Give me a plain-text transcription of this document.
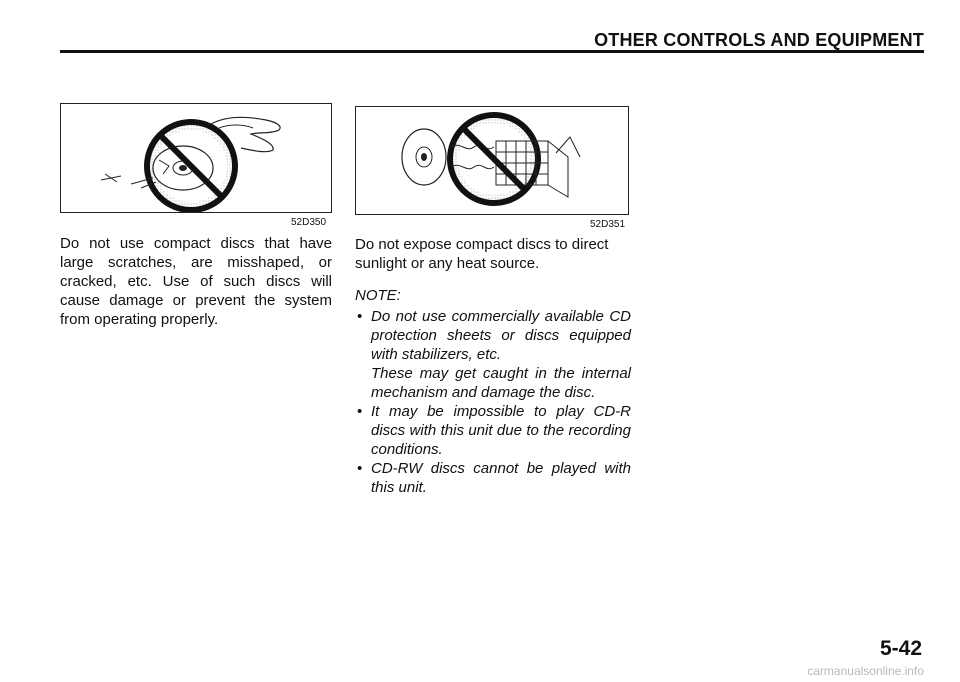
OTHER CONTROLS AND EQUIPMENT
52D350	52D351
Do not use compact discs that have large scratches, are misshaped, or cracked, etc. Use of such discs will cause damage or prevent the system from operating properly.
Do not expose compact discs to direct sunlight or any heat source.
NOTE:
• Do not use commercially available CD protection sheets or discs equipped with stabilizers, etc.

These may get caught in the internal mechanism and damage the disc.

• It may be impossible to play CD-R discs with this unit due to the recording conditions.

• CD-RW discs cannot be played with this unit.

5-42
carmanualsonline.info
